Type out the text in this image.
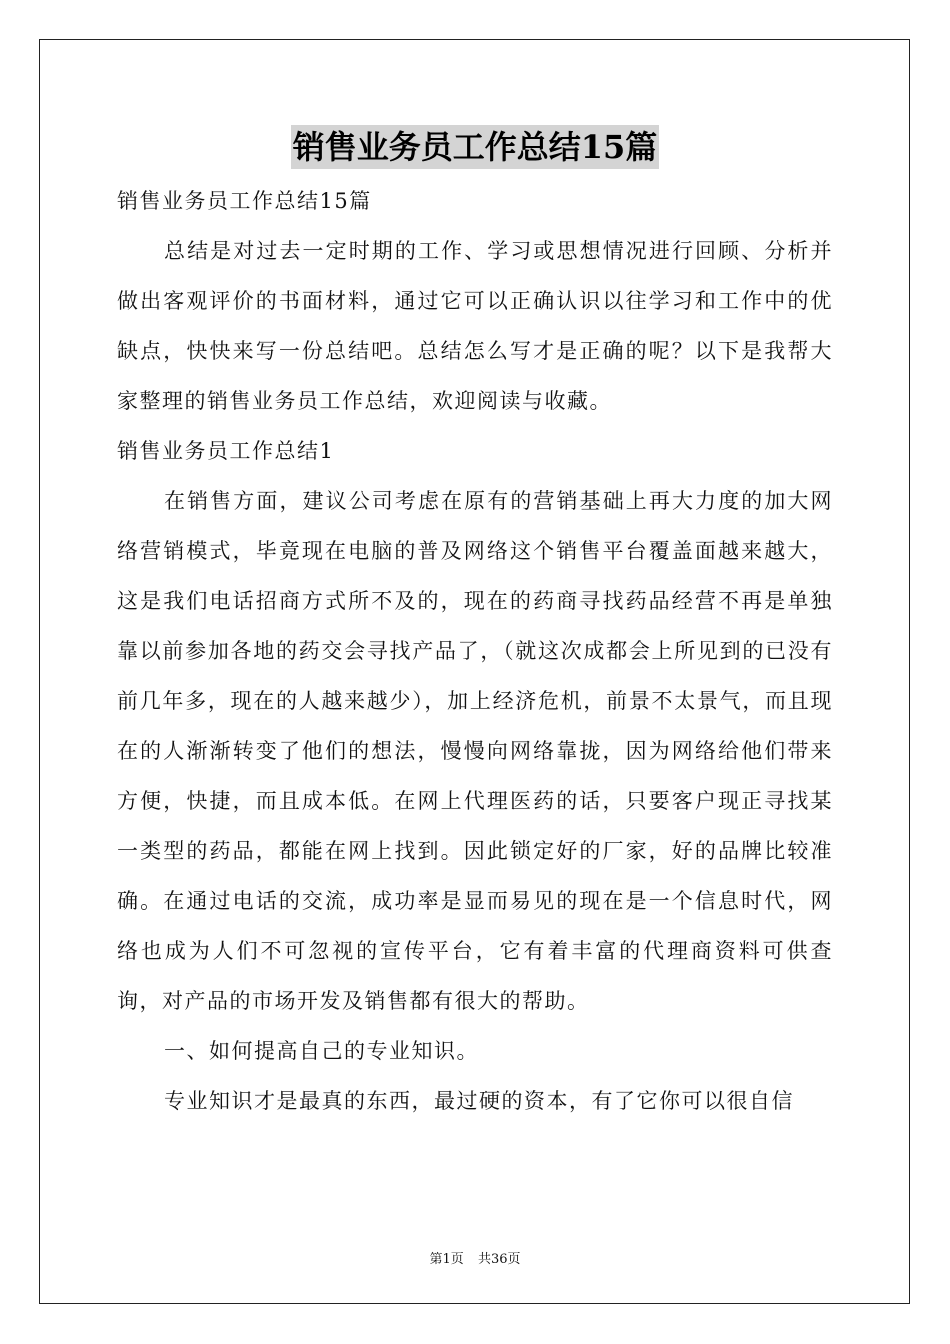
销售业务员工作总结15篇

销售业务员工作总结15篇

总结是对过去一定时期的工作、学习或思想情况进行回顾、分析并做出客观评价的书面材料，通过它可以正确认识以往学习和工作中的优缺点，快快来写一份总结吧。总结怎么写才是正确的呢？以下是我帮大家整理的销售业务员工作总结，欢迎阅读与收藏。

销售业务员工作总结1

在销售方面，建议公司考虑在原有的营销基础上再大力度的加大网络营销模式，毕竟现在电脑的普及网络这个销售平台覆盖面越来越大，这是我们电话招商方式所不及的，现在的药商寻找药品经营不再是单独靠以前参加各地的药交会寻找产品了，（就这次成都会上所见到的已没有前几年多，现在的人越来越少），加上经济危机，前景不太景气，而且现在的人渐渐转变了他们的想法，慢慢向网络靠拢，因为网络给他们带来方便，快捷，而且成本低。在网上代理医药的话，只要客户现正寻找某一类型的药品，都能在网上找到。因此锁定好的厂家，好的品牌比较准确。在通过电话的交流，成功率是显而易见的现在是一个信息时代，网络也成为人们不可忽视的宣传平台，它有着丰富的代理商资料可供查询，对产品的市场开发及销售都有很大的帮助。

一、如何提高自己的专业知识。

专业知识才是最真的东西，最过硬的资本，有了它你可以很自信

第1页 共36页
